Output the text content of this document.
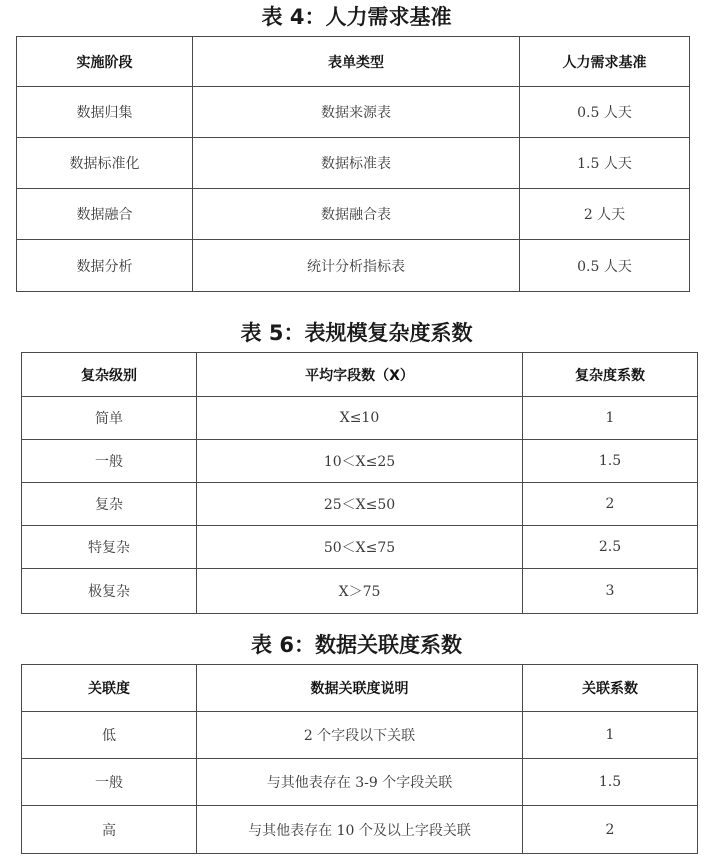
表 4：人力需求基准
实施阶段	表单类型	人力需求基准
数据归集	数据来源表	0.5 人天
数据标准化	数据标准表	1.5 人天
数据融合	数据融合表	2 人天
数据分析	统计分析指标表	0.5 人天
表 5：表规模复杂度系数
复杂级别	平均字段数（X）	复杂度系数
简单	X≤10	1
一般	10＜X≤25	1.5
复杂	25＜X≤50	2
特复杂	50＜X≤75	2.5
极复杂	X＞75	3
表 6：数据关联度系数
关联度	数据关联度说明	关联系数
低	2 个字段以下关联	1
一般	与其他表存在 3-9 个字段关联	1.5
高	与其他表存在 10 个及以上字段关联	2
